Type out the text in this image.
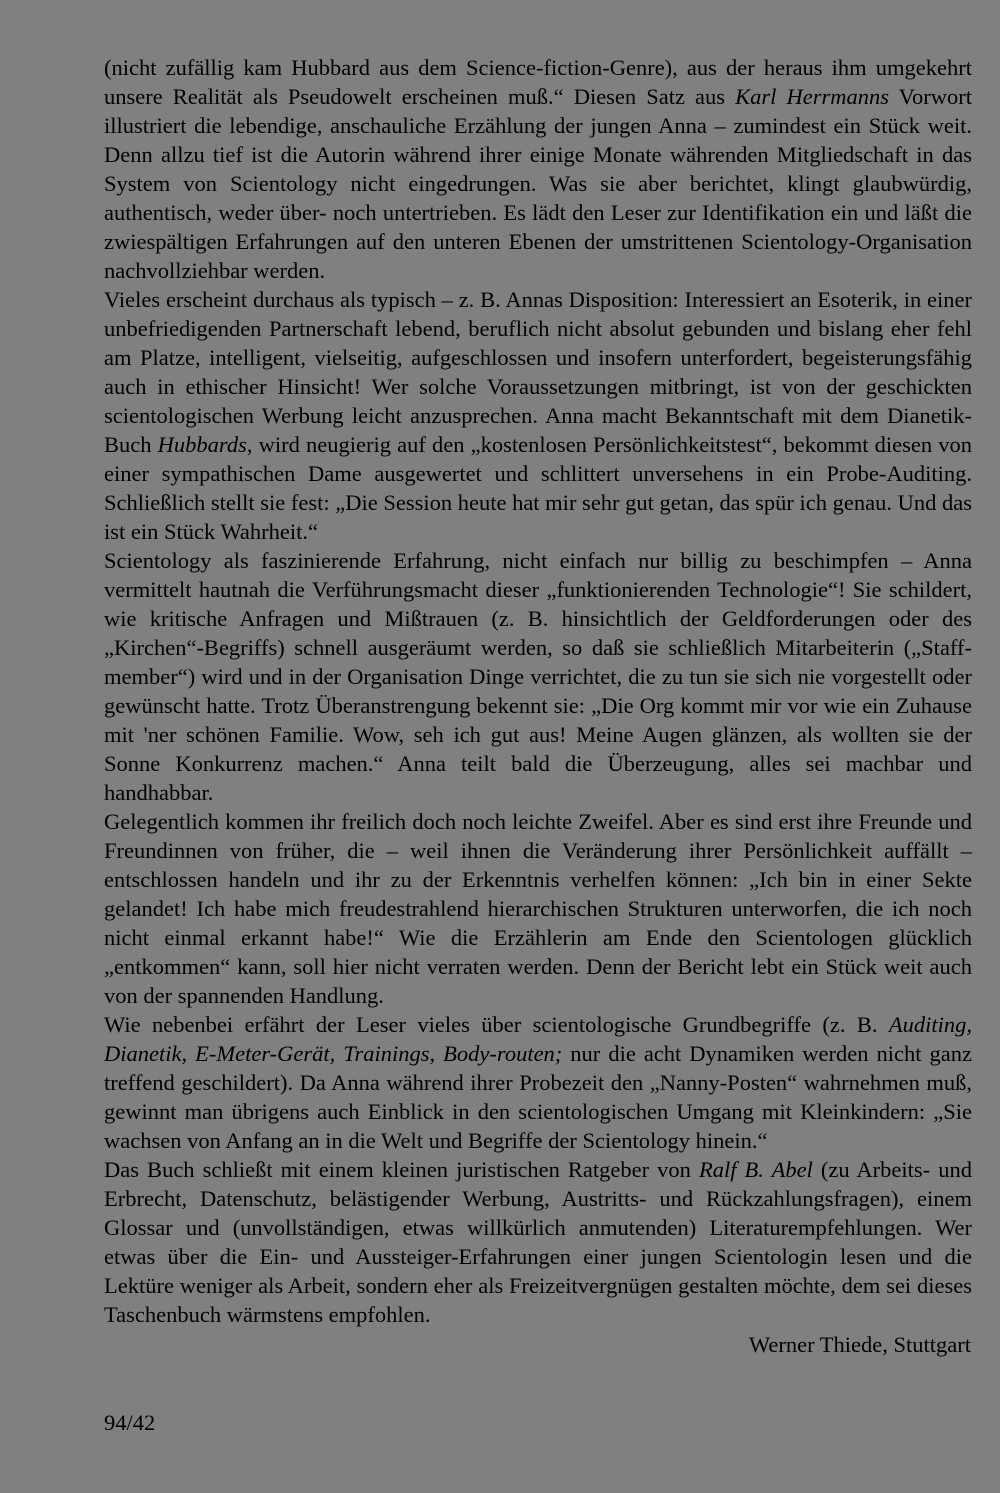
(nicht zufällig kam Hubbard aus dem Science-fiction-Genre), aus der heraus ihm umgekehrt unsere Realität als Pseudowelt erscheinen muß.“ Diesen Satz aus Karl Herrmanns Vorwort illustriert die lebendige, anschauliche Erzählung der jungen Anna – zumindest ein Stück weit. Denn allzu tief ist die Autorin während ihrer einige Monate währenden Mitgliedschaft in das System von Scientology nicht eingedrungen. Was sie aber berichtet, klingt glaubwürdig, authentisch, weder über- noch untertrieben. Es lädt den Leser zur Identifikation ein und läßt die zwiespältigen Erfahrungen auf den unteren Ebenen der umstrittenen Scientology-Organisation nachvollziehbar werden.

Vieles erscheint durchaus als typisch – z. B. Annas Disposition: Interessiert an Esoterik, in einer unbefriedigenden Partnerschaft lebend, beruflich nicht absolut gebunden und bislang eher fehl am Platze, intelligent, vielseitig, aufgeschlossen und insofern unterfordert, begeisterungsfähig auch in ethischer Hinsicht! Wer solche Voraussetzungen mitbringt, ist von der geschickten scientologischen Werbung leicht anzusprechen. Anna macht Bekanntschaft mit dem Dianetik-Buch Hubbards, wird neugierig auf den „kostenlosen Persönlichkeitstest“, bekommt diesen von einer sympathischen Dame ausgewertet und schlittert unversehens in ein Probe-Auditing. Schließlich stellt sie fest: „Die Session heute hat mir sehr gut getan, das spür ich genau. Und das ist ein Stück Wahrheit.“

Scientology als faszinierende Erfahrung, nicht einfach nur billig zu beschimpfen – Anna vermittelt hautnah die Verführungsmacht dieser „funktionierenden Technologie“! Sie schildert, wie kritische Anfragen und Mißtrauen (z. B. hinsichtlich der Geldforderungen oder des „Kirchen“-Begriffs) schnell ausgeräumt werden, so daß sie schließlich Mitarbeiterin („Staff-member“) wird und in der Organisation Dinge verrichtet, die zu tun sie sich nie vorgestellt oder gewünscht hatte. Trotz Überanstrengung bekennt sie: „Die Org kommt mir vor wie ein Zuhause mit 'ner schönen Familie. Wow, seh ich gut aus! Meine Augen glänzen, als wollten sie der Sonne Konkurrenz machen.“ Anna teilt bald die Überzeugung, alles sei machbar und handhabbar.

Gelegentlich kommen ihr freilich doch noch leichte Zweifel. Aber es sind erst ihre Freunde und Freundinnen von früher, die – weil ihnen die Veränderung ihrer Persönlichkeit auffällt – entschlossen handeln und ihr zu der Erkenntnis verhelfen können: „Ich bin in einer Sekte gelandet! Ich habe mich freudestrahlend hierarchischen Strukturen unterworfen, die ich noch nicht einmal erkannt habe!“ Wie die Erzählerin am Ende den Scientologen glücklich „entkommen“ kann, soll hier nicht verraten werden. Denn der Bericht lebt ein Stück weit auch von der spannenden Handlung.

Wie nebenbei erfährt der Leser vieles über scientologische Grundbegriffe (z. B. Auditing, Dianetik, E-Meter-Gerät, Trainings, Body-routen; nur die acht Dynamiken werden nicht ganz treffend geschildert). Da Anna während ihrer Probezeit den „Nanny-Posten“ wahrnehmen muß, gewinnt man übrigens auch Einblick in den scientologischen Umgang mit Kleinkindern: „Sie wachsen von Anfang an in die Welt und Begriffe der Scientology hinein.“

Das Buch schließt mit einem kleinen juristischen Ratgeber von Ralf B. Abel (zu Arbeits- und Erbrecht, Datenschutz, belästigender Werbung, Austritts- und Rückzahlungsfragen), einem Glossar und (unvollständigen, etwas willkürlich anmutenden) Literaturempfehlungen. Wer etwas über die Ein- und Aussteiger-Erfahrungen einer jungen Scientologin lesen und die Lektüre weniger als Arbeit, sondern eher als Freizeitvergnügen gestalten möchte, dem sei dieses Taschenbuch wärmstens empfohlen.

Werner Thiede, Stuttgart
94/42
